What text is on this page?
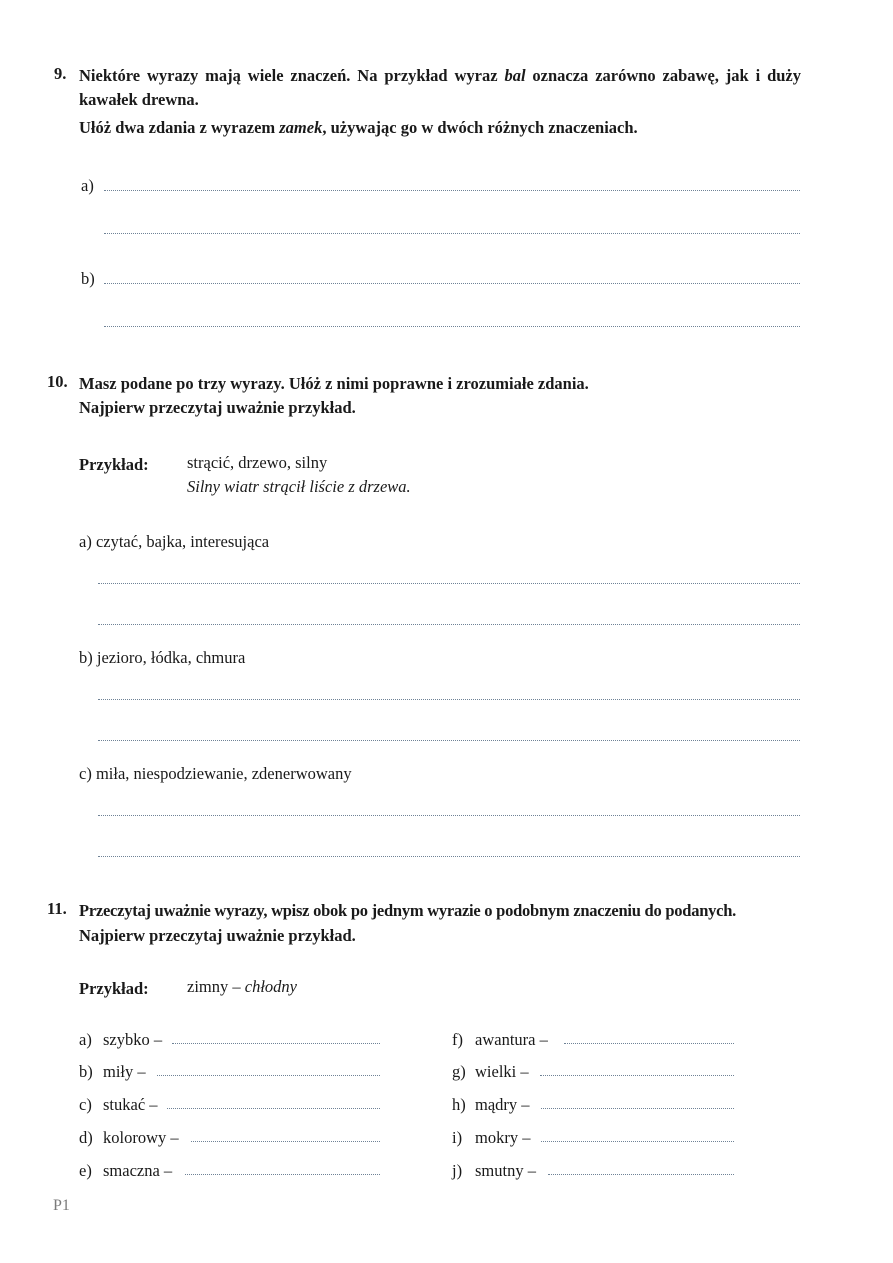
9. Niektóre wyrazy mają wiele znaczeń. Na przykład wyraz bal oznacza zarówno zabawę, jak i duży kawałek drewna.
Ułóż dwa zdania z wyrazem zamek, używając go w dwóch różnych znaczeniach.
a)
b)
10. Masz podane po trzy wyrazy. Ułóż z nimi poprawne i zrozumiałe zdania.
Najpierw przeczytaj uważnie przykład.
Przykład: strącić, drzewo, silny
Silny wiatr strącił liście z drzewa.
a) czytać, bajka, interesująca
b) jezioro, łódka, chmura
c) miła, niespodziewanie, zdenerwowany
11. Przeczytaj uważnie wyrazy, wpisz obok po jednym wyrazie o podobnym znaczeniu do podanych.
Najpierw przeczytaj uważnie przykład.
Przykład: zimny – chłodny
a) szybko –
b) miły –
c) stukać –
d) kolorowy –
e) smaczna –
f) awantura –
g) wielki –
h) mądry –
i) mokry –
j) smutny –
P1
